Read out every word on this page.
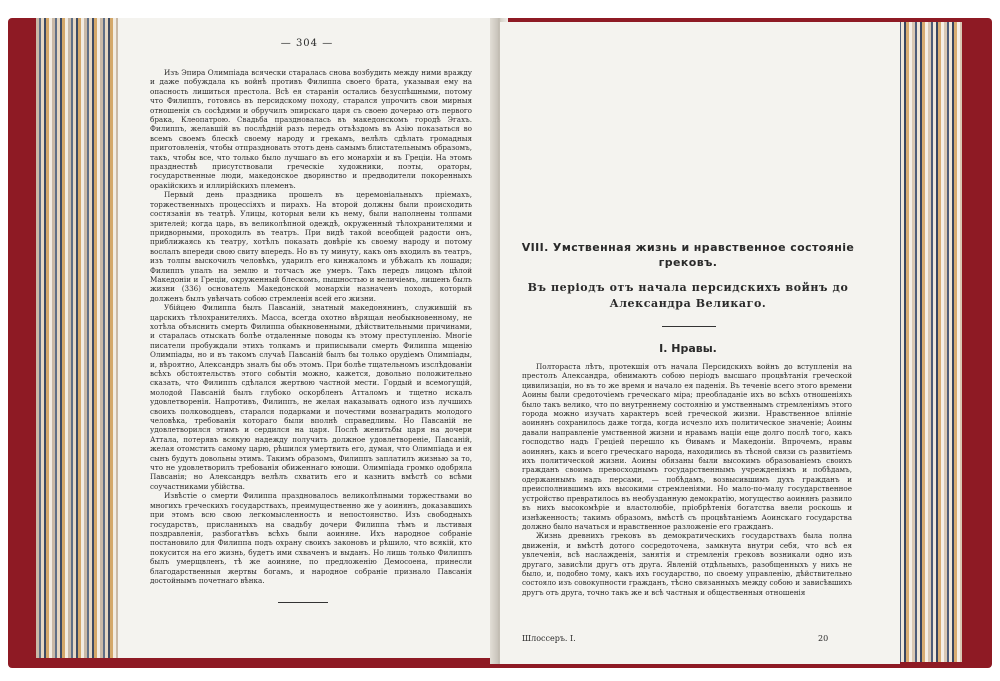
— 304 —

Изъ Эпира Олимпіада всячески старалась снова возбудить между ними вражду и даже побуждала къ войнѣ противъ Филиппа своего брата, указывая ему на опасность лишиться престола. Всѣ ея старанія остались безуспѣшными, потому что Филиппъ, готовясь въ персидскому походу, старался упрочить свои мирныя отношенія съ сосѣдями и обручилъ эпирскаго царя съ своею дочерью отъ первого брака, Клеопатрою. Свадьба праздновалась въ македонскомъ городѣ Эгахъ. Филиппъ, желавшій въ послѣдній разъ передъ отъѣздомъ въ Азію показаться во всемъ своемъ блескѣ своему народу и грекамъ, велѣлъ сдѣлать громадныя приготовленія, чтобы отпраздновать этотъ день самымъ блистательнымъ образомъ, такъ, чтобы все, что только было лучшаго въ его монархіи и въ Греціи. На этомъ празднествѣ присутствовали греческіе художники, поэты, ораторы, государственные люди, македонское дворянство и предводители покоренныхъ оракійскихъ и иллирійскихъ племенъ.

Первый день праздника прошелъ въ церемоніальныхъ пріемахъ, торжественныхъ процессіяхъ и пирахъ. На второй должны были происходить состязанія въ театрѣ. Улицы, которыя вели къ нему, были наполнены толпами зрителей; когда царь, въ великолѣпной одеждѣ, окруженный тѣлохранителями и придворными, проходилъ въ театръ. При видѣ такой всеобщей радости онъ, приближаясь къ театру, хотѣлъ показать довѣріе къ своему народу и потому вослалъ впереди свою свиту впередъ. Но въ ту минуту, какъ онъ входилъ въ театръ, изъ толпы выскочилъ человѣкъ, ударилъ его кинжаломъ и убѣжалъ къ лошади; Филиппъ упалъ на землю и тотчасъ же умеръ. Такъ передъ лицомъ цѣлой Македоніи и Греціи, окруженный блескомъ, пышностью и величіемъ, лишенъ былъ жизни (336) основатель Македонской монархіи назначенъ походъ, который долженъ былъ увѣнчать собою стремленія всей его жизни.

Убійцею Филиппа былъ Павсаній, знатный македонянинъ, служившій въ царскихъ тѣлохранителяхъ. Масса, всегда охотно вѣрящая необыкновенному, не хотѣла объяснить смерть Филиппа обыкновенными, дѣйствительными причинами, и старалась отыскать болѣе отдаленные поводы къ этому преступленію. Многіе писатели пробуждали этихъ толкамъ и приписывали смерть Филиппа мщенію Олимпіады, но и въ такомъ случаѣ Павсаній былъ бы только орудіемъ Олимпіады, и, вѣроятно, Александръ зналъ бы объ этомъ. При болѣе тщательномъ изслѣдованіи всѣхъ обстоятельствъ этого событія можно, кажется, довольно положительно сказать, что Филиппъ сдѣлался жертвою частной мести. Гордый и всемогущій, молодой Павсаній былъ глубоко оскорбленъ Атталомъ и тщетно искалъ удовлетворенія. Напротивъ, Филиппъ, не желая наказывать одного изъ лучшихъ своихъ полководцевъ, старался подарками и почестями вознаградить молодого человѣка, требованія котораго были вполнѣ справедливы. Но Павсаній не удовлетворился этимъ и сердился на царя. Послѣ женитьбы царя на дочери Аттала, потерявъ всякую надежду получить должное удовлетвореніе, Павсаній, желая отомстить самому царю, рѣшился умертвить его, думая, что Олимпіада и ея сынъ будутъ довольны этимъ. Такимъ образомъ, Филиппъ заплатилъ жизнью за то, что не удовлетворилъ требованія обиженнаго юноши. Олимпіада громко одобряла Павсанія; но Александръ велѣлъ схватить его и казнить вмѣстѣ со всѣми соучастниками убійства.

Извѣстіе о смерти Филиппа праздновалось великолѣпными торжествами во многихъ греческихъ государствахъ, преимущественно же у аоинянъ, доказавшихъ при этомъ всю свою легкомысленность и непостоянство. Изъ свободныхъ государствъ, присланныхъ на свадьбу дочери Филиппа тѣмъ и льстивыя поздравленія, разбогатѣвъ всѣхъ были аоиняне. Ихъ народное собраніе постановило для Филиппа подъ охрану своихъ законовъ и рѣшило, что всякій, кто покусится на его жизнь, будетъ ими схваченъ и выданъ. Но лишь только Филиппъ былъ умерщвленъ, тѣ же аоиняне, по предложенію Демосоена, принесли благодарственныя жертвы богамъ, и народное собраніе признало Павсанія достойнымъ почетнаго вѣнка.

VIII. Умственная жизнь и нравственное состояніе грековъ.
Въ періодъ отъ начала персидскихъ войнъ до Александра Великаго.
I. Нравы.

Полтораста лѣтъ, протекшія отъ начала Персидскихъ войнъ до вступленія на престолъ Александра, обнимаютъ собою періодъ высшаго процвѣтанія греческой цивилизаціи, но въ то же время и начало ея паденія. Въ теченіе всего этого времени Аоины были средоточіемъ греческаго міра; преобладаніе ихъ во всѣхъ отношеніяхъ было такъ велико, что по внутреннему состоянію и умственнымъ стремленіямъ этого города можно изучать характеръ всей греческой жизни. Нравственное вліяніе аоинянъ сохранилось даже тогда, когда исчезло ихъ политическое значеніе; Аоины давали направленіе умственной жизни и нравамъ націи еще долго послѣ того, какъ господство надъ Греціей перешло къ Өивамъ и Македоніи. Впрочемъ, нравы аоинянъ, какъ и всего греческаго народа, находились въ тѣсной связи съ развитіемъ ихъ политической жизни. Аоины обязаны были высокимъ образованіемъ своихъ гражданъ своимъ превосходнымъ государственнымъ учрежденіямъ и побѣдамъ, одержаннымъ надъ персами, — побѣдамъ, возвысившимъ духъ гражданъ и преисполнившимъ ихъ высокими стремленіями. Но мало-по-малу государственное устройство превратилось въ необузданную демократію, могущество аоинянъ развило въ нихъ высокомѣріе и властолюбіе, пріобрѣтенія богатства ввели роскошь и изнѣженность; такимъ образомъ, вмѣстѣ съ процвѣтаніемъ Аоинскаго государства должно было начаться и нравственное разложеніе его гражданъ.

Жизнь древнихъ грековъ въ демократическихъ государствахъ была полна движенія, и вмѣстѣ дотого сосредоточена, замкнута внутри себя, что всѣ ея увлеченія, всѣ наслажденія, занятія и стремленія грековъ возникали одно изъ другаго, зависѣли другъ отъ друга. Явленій отдѣльныхъ, разобщенныхъ у нихъ не было, и, подобно тому, какъ ихъ государство, по своему управленію, дѣйствительно состояло изъ совокупности гражданъ, тѣсно связанныхъ между собою и зависѣвшихъ другъ отъ друга, точно такъ же и всѣ частныя и общественныя отношенія

Шлоссеръ. I.	20
